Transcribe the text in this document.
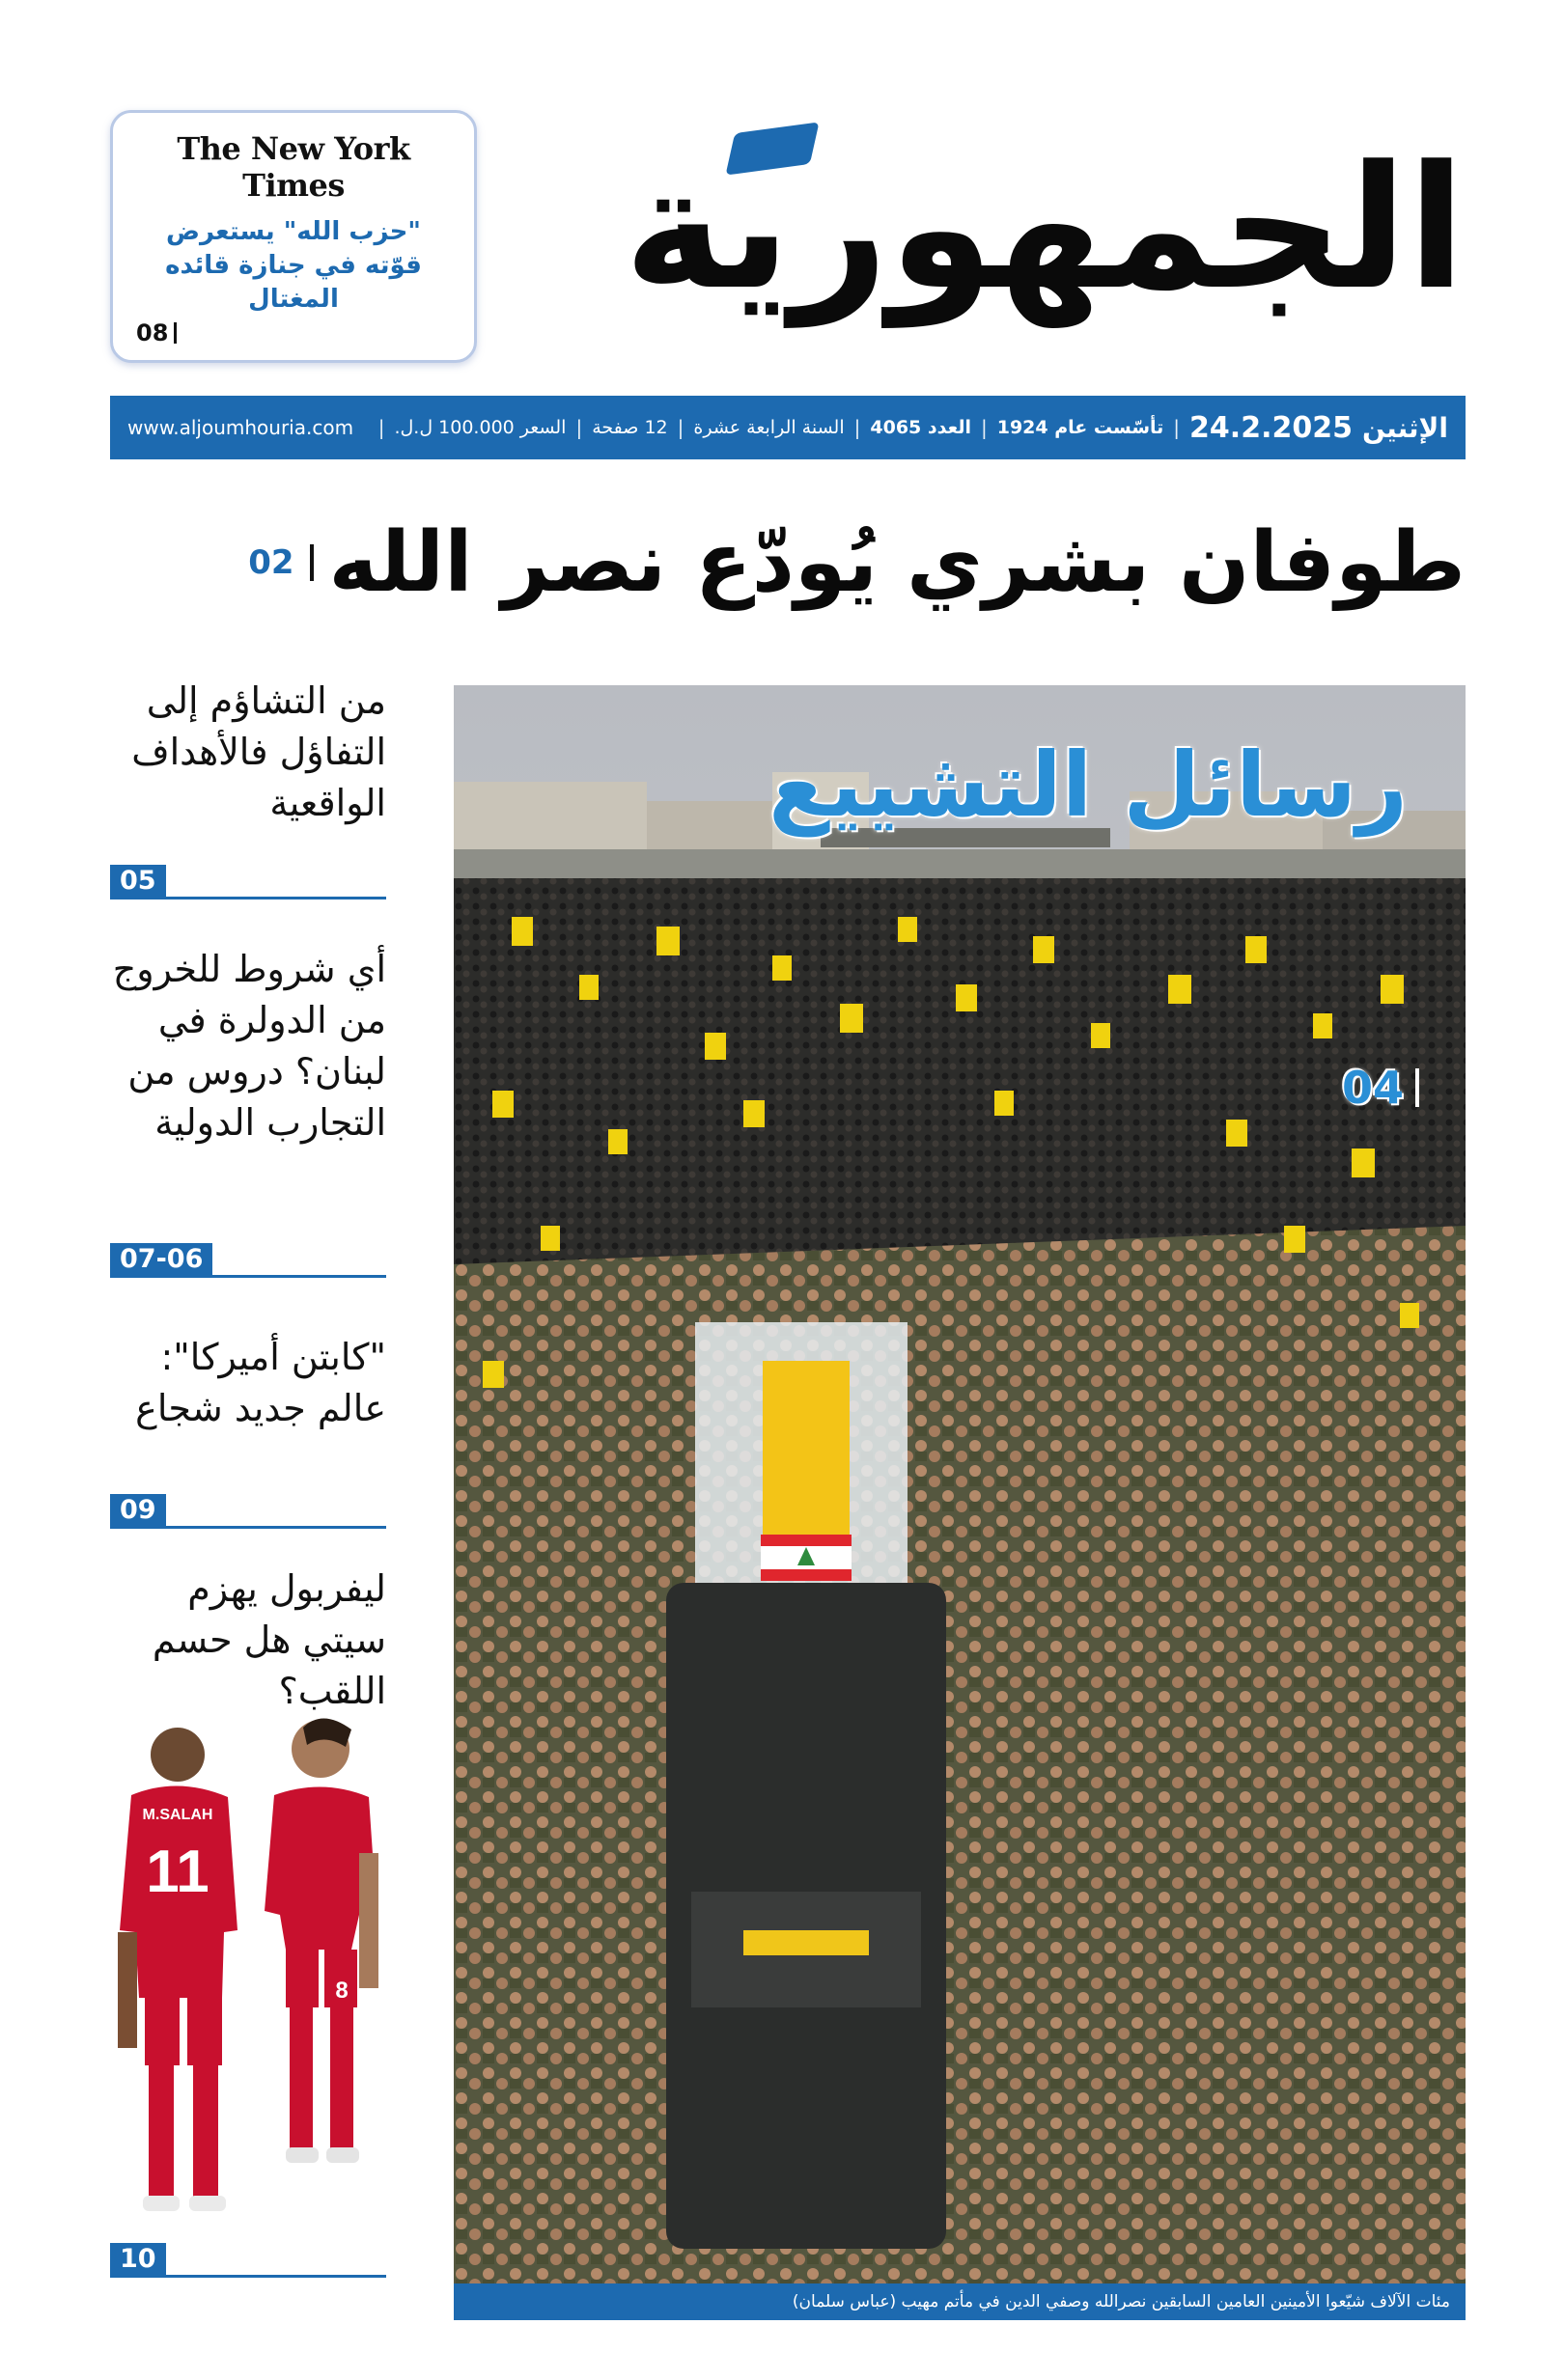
الجمهورية
The New York Times
"حزب الله" يستعرض قوّته في جنازة قائده المغتال
08
الإثنين
24.2.2025
|
تأسّست عام 1924
|
العدد 4065
|
السنة الرابعة عشرة
|
12 صفحة
|
السعر 100.000 ل.ل.
|
www.aljoumhouria.com
طوفان بشري يُودّع نصر الله
02
من التشاؤم إلى التفاؤل فالأهداف الواقعية
05
أي شروط للخروج من الدولرة في لبنان؟ دروس من التجارب الدولية
07-06
"كابتن أميركا": عالم جديد شجاع
09
ليفربول يهزم سيتي هل حسم اللقب؟
10
M.SALAH
11
8
رسائل التشييع
04
مئات الآلاف شيّعوا الأمينين العامين السابقين نصرالله وصفي الدين في مأتم مهيب (عباس سلمان)
